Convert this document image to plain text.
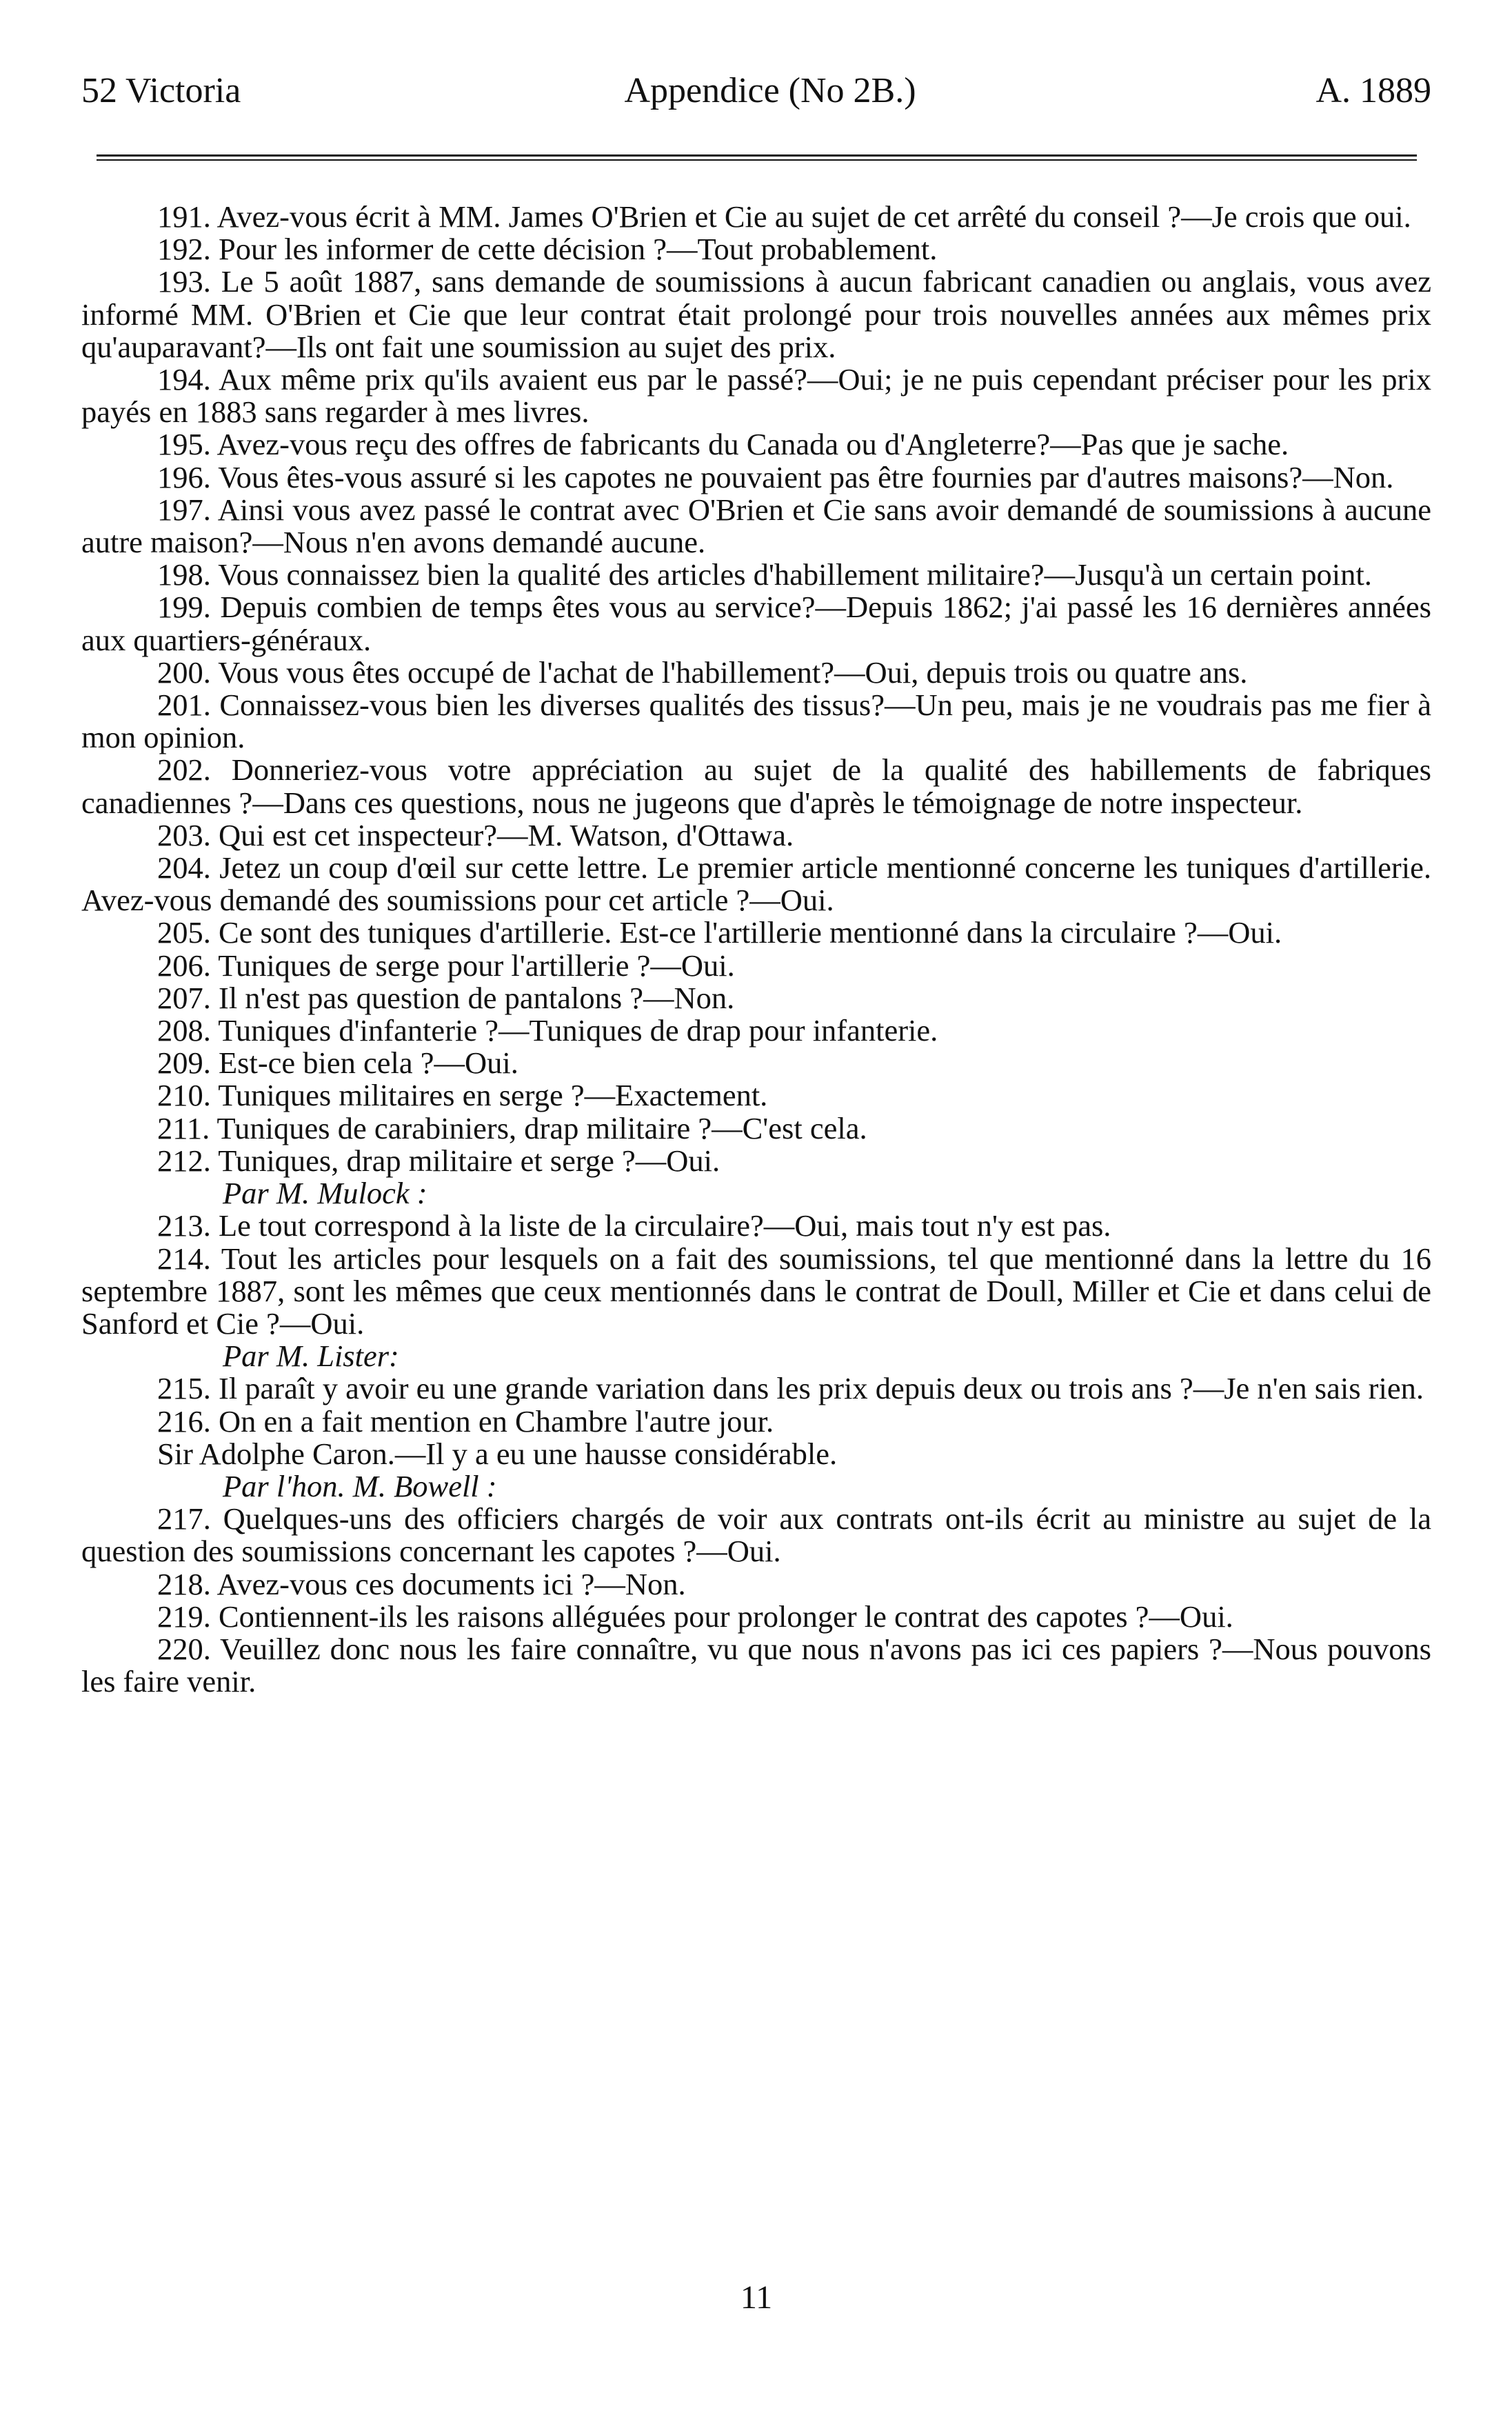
52 Victoria	Appendice (No 2B.)	A. 1889

191. Avez-vous écrit à MM. James O'Brien et Cie au sujet de cet arrêté du conseil ?—Je crois que oui.

192. Pour les informer de cette décision ?—Tout probablement.

193. Le 5 août 1887, sans demande de soumissions à aucun fabricant canadien ou anglais, vous avez informé MM. O'Brien et Cie que leur contrat était prolongé pour trois nouvelles années aux mêmes prix qu'auparavant?—Ils ont fait une soumission au sujet des prix.

194. Aux même prix qu'ils avaient eus par le passé?—Oui; je ne puis cependant préciser pour les prix payés en 1883 sans regarder à mes livres.

195. Avez-vous reçu des offres de fabricants du Canada ou d'Angleterre?—Pas que je sache.

196. Vous êtes-vous assuré si les capotes ne pouvaient pas être fournies par d'autres maisons?—Non.

197. Ainsi vous avez passé le contrat avec O'Brien et Cie sans avoir demandé de soumissions à aucune autre maison?—Nous n'en avons demandé aucune.

198. Vous connaissez bien la qualité des articles d'habillement militaire?—Jusqu'à un certain point.

199. Depuis combien de temps êtes vous au service?—Depuis 1862; j'ai passé les 16 dernières années aux quartiers-généraux.

200. Vous vous êtes occupé de l'achat de l'habillement?—Oui, depuis trois ou quatre ans.

201. Connaissez-vous bien les diverses qualités des tissus?—Un peu, mais je ne voudrais pas me fier à mon opinion.

202. Donneriez-vous votre appréciation au sujet de la qualité des habillements de fabriques canadiennes ?—Dans ces questions, nous ne jugeons que d'après le témoignage de notre inspecteur.

203. Qui est cet inspecteur?—M. Watson, d'Ottawa.

204. Jetez un coup d'œil sur cette lettre. Le premier article mentionné concerne les tuniques d'artillerie. Avez-vous demandé des soumissions pour cet article ?—Oui.

205. Ce sont des tuniques d'artillerie. Est-ce l'artillerie mentionné dans la circulaire ?—Oui.

206. Tuniques de serge pour l'artillerie ?—Oui.

207. Il n'est pas question de pantalons ?—Non.

208. Tuniques d'infanterie ?—Tuniques de drap pour infanterie.

209. Est-ce bien cela ?—Oui.

210. Tuniques militaires en serge ?—Exactement.

211. Tuniques de carabiniers, drap militaire ?—C'est cela.

212. Tuniques, drap militaire et serge ?—Oui.

Par M. Mulock :

213. Le tout correspond à la liste de la circulaire?—Oui, mais tout n'y est pas.

214. Tout les articles pour lesquels on a fait des soumissions, tel que mentionné dans la lettre du 16 septembre 1887, sont les mêmes que ceux mentionnés dans le contrat de Doull, Miller et Cie et dans celui de Sanford et Cie ?—Oui.

Par M. Lister:

215. Il paraît y avoir eu une grande variation dans les prix depuis deux ou trois ans ?—Je n'en sais rien.

216. On en a fait mention en Chambre l'autre jour.

Sir Adolphe Caron.—Il y a eu une hausse considérable.

Par l'hon. M. Bowell :

217. Quelques-uns des officiers chargés de voir aux contrats ont-ils écrit au ministre au sujet de la question des soumissions concernant les capotes ?—Oui.

218. Avez-vous ces documents ici ?—Non.

219. Contiennent-ils les raisons alléguées pour prolonger le contrat des capotes ?—Oui.

220. Veuillez donc nous les faire connaître, vu que nous n'avons pas ici ces papiers ?—Nous pouvons les faire venir.

11
